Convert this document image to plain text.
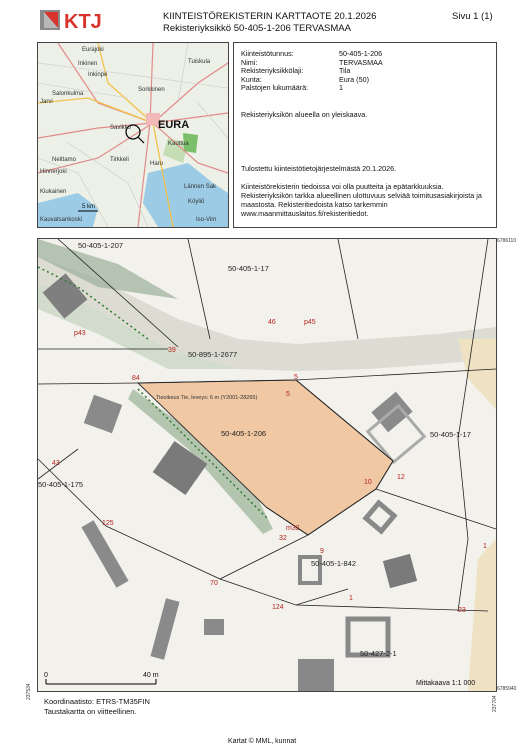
KTJ	KIINTEISTÖREKISTERIN KARTTAOTE 20.1.2026
Rekisteriyksikkö 50-405-1-206 TERVASMAA
Sivu 1 (1)
Eurajoki
Tuiskula
Inkinen
Inkinpe
Salonkulma
Sorkkinen
Jarvi
Savikko EURA
Kauttua
Tirkkeli
Neittamo
Hinnerjoki
Haro
Lännen Sak
Köyliö
Iso-Vim
Kiukainen
Kauvatsankoski
5 km
Kiinteistötunnus:	50-405-1-206
Nimi:	TERVASMAA
Rekisteriyksikkölaji:	Tila
Kunta:	Eura (50)
Palstojen lukumäärä:	1
Rekisteriyksikön alueella on yleiskaava.
Tulostettu kiinteistötietojärjestelmästä 20.1.2026.
Kiinteistörekisterin tiedoissa voi olla puutteita ja epätarkkuuksia. Rekisteriyksikön tarkka alueellinen ulottuvuus selviää toimitusasiakirjoista ja maastosta. Rekisteritiedoista katso tarkemmin www.maanmittauslaitos.fi/rekisteritiedot.
50-405-1-207
50-405-1-17
50-895-1-2677
50-405-1-206	50-405-1-17
50-405-1-175
50-405-1-842
50-427-2-1
Tieoikeus Tie, leveys: 6 m (Y2001-28265)
46	p45
p43
39
84	5
5
12
10
43
125
m32
32
9
70
124
1
1
23
0	40 m
Mittakaava 1:1 000
6786110
6785940
237534
237704
Koordinaatisto: ETRS-TM35FIN
Taustakartta on viitteellinen.
Kartat © MML, kunnat
